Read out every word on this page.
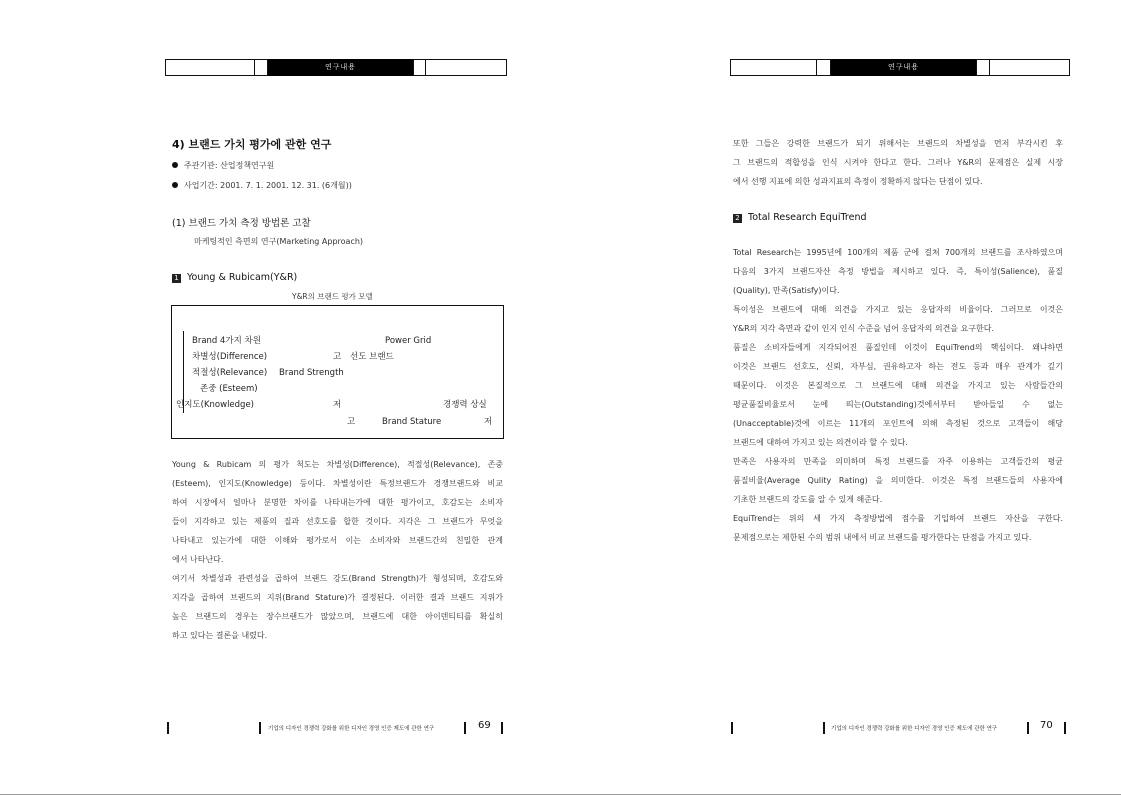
연구내용
4) 브랜드 가치 평가에 관한 연구
주관기관: 산업정책연구원
사업기간: 2001. 7. 1. 2001. 12. 31. (6개월))
(1) 브랜드 가치 측정 방법론 고찰
마케팅적인 측면의 연구(Marketing Approach)
1 Young & Rubicam(Y&R)
Y&R의 브랜드 평가 모델
Brand 4가지 차원	Power Grid
차별성(Difference)	고 선도 브랜드
적절성(Relevance) Brand Strength
존중 (Esteem)
인지도(Knowledge)	저	경쟁력 상실
고	Brand Stature	저

Young & Rubicam 의 평가 척도는 차별성(Difference), 적절성(Relevance), 존중

(Esteem), 인지도(Knowledge) 등이다. 차별성이란 특정브랜드가 경쟁브랜드와 비교

하여 시장에서 얼마나 분명한 차이를 나타내는가에 대한 평가이고, 호감도는 소비자

들이 지각하고 있는 제품의 질과 선호도를 합한 것이다. 지각은 그 브랜드가 무엇을

나타내고 있는가에 대한 이해와 평가로서 이는 소비자와 브랜드간의 친밀한 관계

에서 나타난다.

여기서 차별성과 관련성을 곱하여 브랜드 강도(Brand Strength)가 형성되며, 호감도와

지각을 곱하여 브랜드의 지위(Brand Stature)가 결정된다. 이러한 결과 브랜드 지위가

높은 브랜드의 경우는 장수브랜드가 많았으며, 브랜드에 대한 아이덴티티를 확실히

하고 있다는 결론을 내렸다.

기업의 디자인 경쟁력 강화를 위한 디자인 경영 인증 제도에 관한 연구	69
연구내용

또한 그들은 강력한 브랜드가 되기 위해서는 브랜드의 차별성을 먼저 부각시킨 후

그 브랜드의 적합성을 인식 시켜야 한다고 한다. 그러나 Y&R의 문제점은 실제 시장

에서 선행 지표에 의한 성과지표의 측정이 정확하지 않다는 단점이 있다.

2 Total Research EquiTrend

Total Research는 1995년에 100개의 제품 군에 걸쳐 700개의 브랜드를 조사하였으며

다음의 3가지 브랜드자산 측정 방법을 제시하고 있다. 즉, 특이성(Salience), 품질

(Quality), 만족(Satisfy)이다.

특이성은 브랜드에 대해 의견을 가지고 있는 응답자의 비율이다. 그러므로 이것은

Y&R의 지각 측면과 같이 인지 인식 수준을 넘어 응답자의 의견을 요구한다.

품질은 소비자들에게 지각되어진 품질인데 이것이 EquiTrend의 핵심이다. 왜냐하면

이것은 브랜드 선호도, 신뢰, 자부심, 권유하고자 하는 전도 등과 매우 관계가 깊기

때문이다. 이것은 본질적으로 그 브랜드에 대해 의견을 가지고 있는 사람들간의

평균품질비율로서 눈에 띄는(Outstanding)것에서부터 받아들일 수 없는

(Unacceptable)것에 이르는 11개의 포인트에 의해 측정된 것으로 고객들이 해당

브랜드에 대하여 가지고 있는 의견이라 할 수 있다.

만족은 사용자의 만족을 의미하며 특정 브랜드를 자주 이용하는 고객들간의 평균

품질비율(Average Qulity Rating) 을 의미한다. 이것은 특정 브랜드들의 사용자에

기초한 브랜드의 강도를 알 수 있게 해준다.

EquiTrend는 위의 세 가지 측정방법에 점수를 기입하여 브랜드 자산을 구한다.

문제점으로는 제한된 수의 범위 내에서 비교 브랜드를 평가한다는 단점을 가지고 있다.

기업의 디자인 경쟁력 강화를 위한 디자인 경영 인증 제도에 관한 연구	70
